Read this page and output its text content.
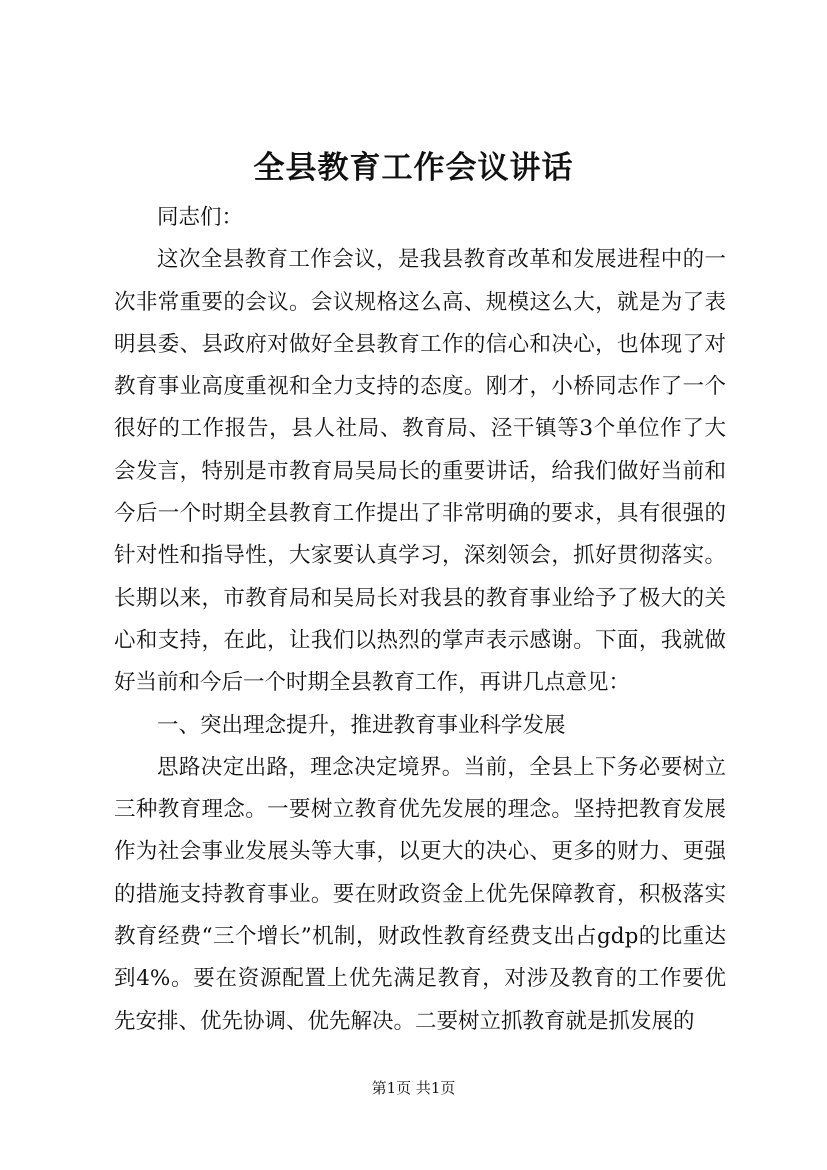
全县教育工作会议讲话

同志们：

这次全县教育工作会议，是我县教育改革和发展进程中的一次非常重要的会议。会议规格这么高、规模这么大，就是为了表明县委、县政府对做好全县教育工作的信心和决心，也体现了对教育事业高度重视和全力支持的态度。刚才，小桥同志作了一个很好的工作报告，县人社局、教育局、泾干镇等3个单位作了大会发言，特别是市教育局吴局长的重要讲话，给我们做好当前和今后一个时期全县教育工作提出了非常明确的要求，具有很强的针对性和指导性，大家要认真学习，深刻领会，抓好贯彻落实。长期以来，市教育局和吴局长对我县的教育事业给予了极大的关心和支持，在此，让我们以热烈的掌声表示感谢。下面，我就做好当前和今后一个时期全县教育工作，再讲几点意见：

一、突出理念提升，推进教育事业科学发展

思路决定出路，理念决定境界。当前，全县上下务必要树立三种教育理念。一要树立教育优先发展的理念。坚持把教育发展作为社会事业发展头等大事，以更大的决心、更多的财力、更强的措施支持教育事业。要在财政资金上优先保障教育，积极落实教育经费“三个增长”机制，财政性教育经费支出占gdp的比重达到4%。要在资源配置上优先满足教育，对涉及教育的工作要优先安排、优先协调、优先解决。二要树立抓教育就是抓发展的

第1页 共1页
